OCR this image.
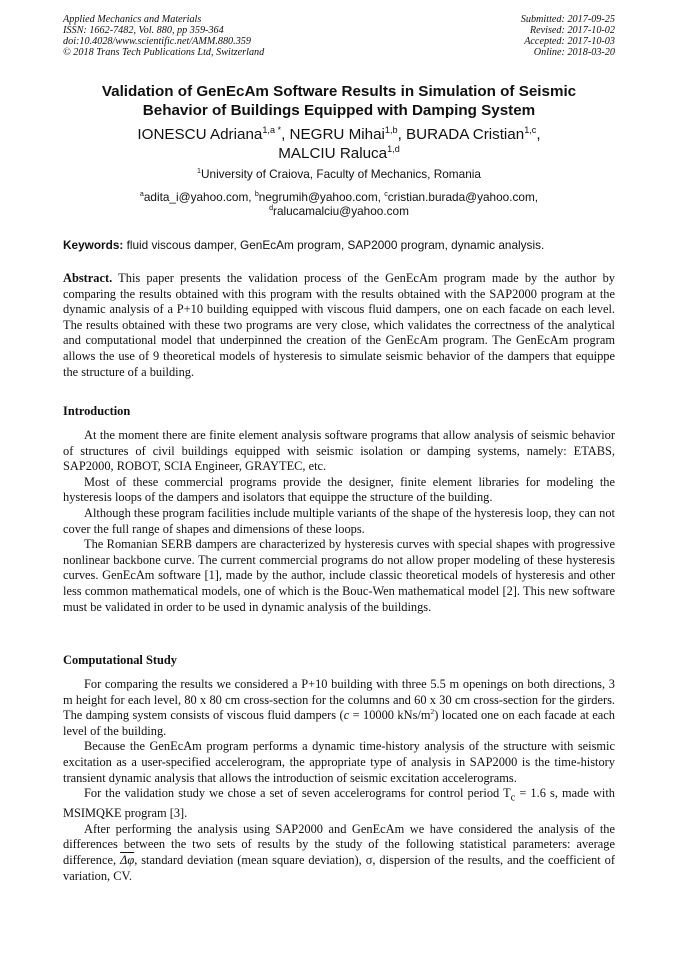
Applied Mechanics and Materials
ISSN: 1662-7482, Vol. 880, pp 359-364
doi:10.4028/www.scientific.net/AMM.880.359
© 2018 Trans Tech Publications Ltd, Switzerland
Submitted: 2017-09-25
Revised: 2017-10-02
Accepted: 2017-10-03
Online: 2018-03-20
Validation of GenEcAm Software Results in Simulation of Seismic Behavior of Buildings Equipped with Damping System
IONESCU Adriana$^{1,a *}$, NEGRU Mihai$^{1,b}$, BURADA Cristian$^{1,c}$,
MALCIU Raluca$^{1,d}$
$^1$University of Craiova, Faculty of Mechanics, Romania
$^a$adita_i@yahoo.com, $^b$negrumih@yahoo.com, $^c$cristian.burada@yahoo.com,
$^d$ralucamalciu@yahoo.com
Keywords: fluid viscous damper, GenEcAm program, SAP2000 program, dynamic analysis.

Abstract. This paper presents the validation process of the GenEcAm program made by the author by comparing the results obtained with this program with the results obtained with the SAP2000 program at the dynamic analysis of a P+10 building equipped with viscous fluid dampers, one on each facade on each level. The results obtained with these two programs are very close, which validates the correctness of the analytical and computational model that underpinned the creation of the GenEcAm program. The GenEcAm program allows the use of 9 theoretical models of hysteresis to simulate seismic behavior of the dampers that equippe the structure of a building.

Introduction

At the moment there are finite element analysis software programs that allow analysis of seismic behavior of structures of civil buildings equipped with seismic isolation or damping systems, namely: ETABS, SAP2000, ROBOT, SCIA Engineer, GRAYTEC, etc.

Most of these commercial programs provide the designer, finite element libraries for modeling the hysteresis loops of the dampers and isolators that equippe the structure of the building.

Although these program facilities include multiple variants of the shape of the hysteresis loop, they can not cover the full range of shapes and dimensions of these loops.

The Romanian SERB dampers are characterized by hysteresis curves with special shapes with progressive nonlinear backbone curve. The current commercial programs do not allow proper modeling of these hysteresis curves. GenEcAm software [1], made by the author, include classic theoretical models of hysteresis and other less common mathematical models, one of which is the Bouc-Wen mathematical model [2]. This new software must be validated in order to be used in dynamic analysis of the buildings.

Computational Study

For comparing the results we considered a P+10 building with three 5.5 m openings on both directions, 3 m height for each level, 80 x 80 cm cross-section for the columns and 60 x 30 cm cross-section for the girders. The damping system consists of viscous fluid dampers (c = 10000 kNs/$m^2$) located one on each facade at each level of the building.

Because the GenEcAm program performs a dynamic time-history analysis of the structure with seismic excitation as a user-specified accelerogram, the appropriate type of analysis in SAP2000 is the time-history transient dynamic analysis that allows the introduction of seismic excitation accelerograms.

For the validation study we chose a set of seven accelerograms for control period $T_c = 1.6$ s, made with MSIMQKE program [3].

After performing the analysis using SAP2000 and GenEcAm we have considered the analysis of the differences between the two sets of results by the study of the following statistical parameters: average difference, $\overline{\Delta\varphi}$, standard deviation (mean square deviation), σ, dispersion of the results, and the coefficient of variation, CV.
